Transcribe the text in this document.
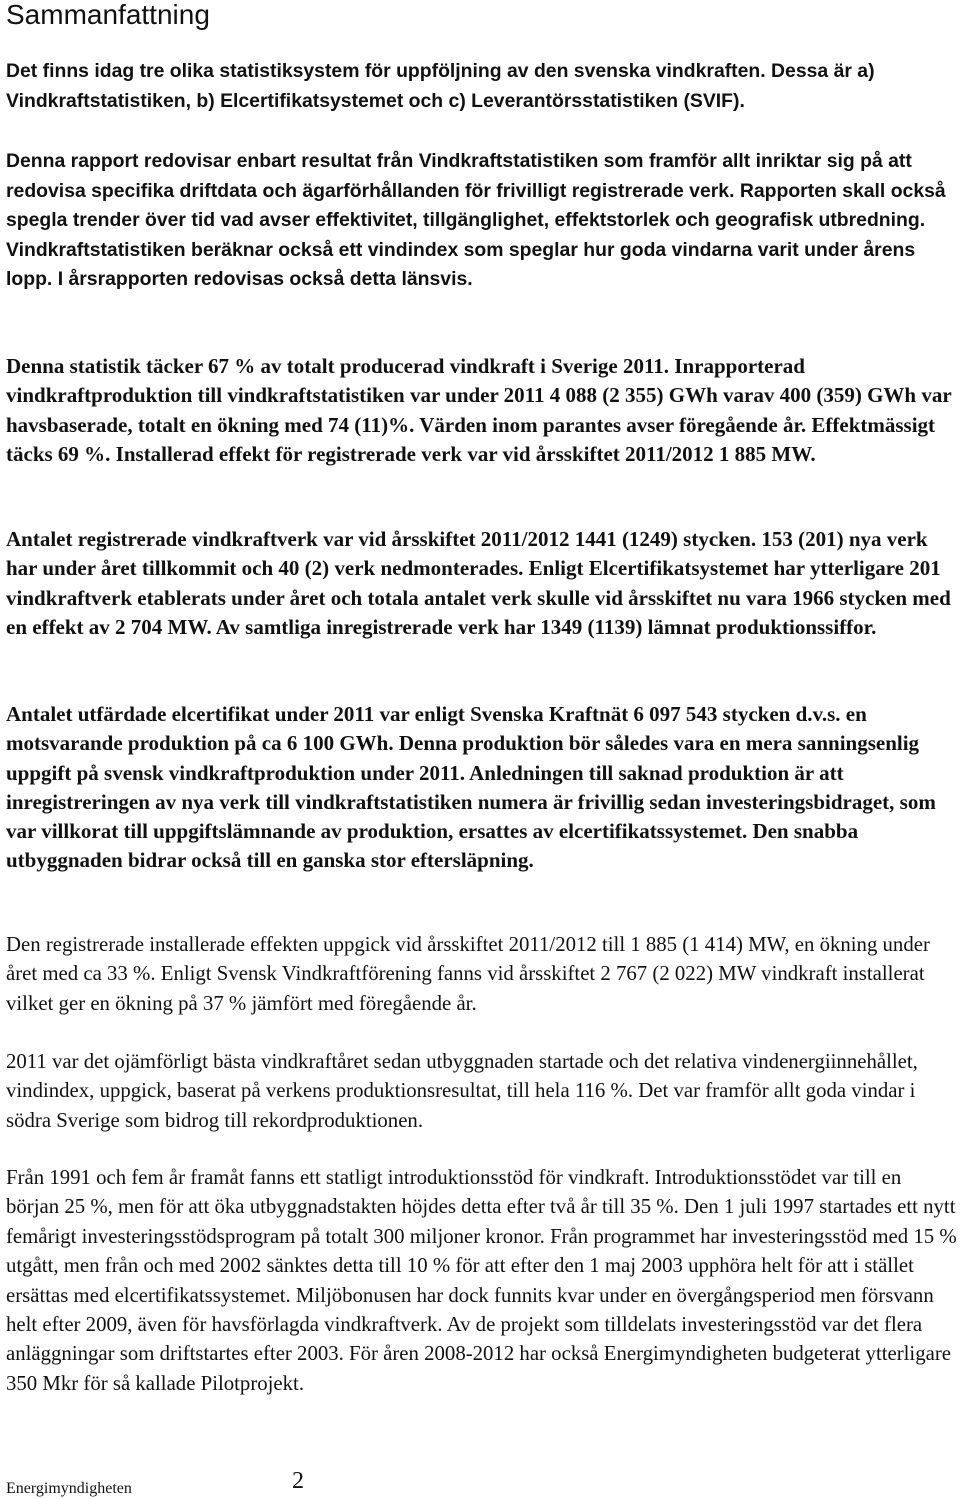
Sammanfattning

Det finns idag tre olika statistiksystem för uppföljning av den svenska vindkraften. Dessa är a) Vindkraftstatistiken, b) Elcertifikatsystemet och c) Leverantörsstatistiken (SVIF).

Denna rapport redovisar enbart resultat från Vindkraftstatistiken som framför allt inriktar sig på att redovisa specifika driftdata och ägarförhållanden för frivilligt registrerade verk. Rapporten skall också spegla trender över tid vad avser effektivitet, tillgänglighet, effektstorlek och geografisk utbredning. Vindkraftstatistiken beräknar också ett vindindex som speglar hur goda vindarna varit under årens lopp. I årsrapporten redovisas också detta länsvis.

Denna statistik täcker 67 % av totalt producerad vindkraft i Sverige 2011. Inrapporterad vindkraftproduktion till vindkraftstatistiken var under 2011 4 088 (2 355) GWh varav 400 (359) GWh var havsbaserade, totalt en ökning med 74 (11)%. Värden inom parantes avser föregående år. Effektmässigt täcks 69 %. Installerad effekt för registrerade verk var vid årsskiftet 2011/2012 1 885 MW.

Antalet registrerade vindkraftverk var vid årsskiftet 2011/2012 1441 (1249) stycken. 153 (201) nya verk har under året tillkommit och 40 (2) verk nedmonterades. Enligt Elcertifikatsystemet har ytterligare 201 vindkraftverk etablerats under året och totala antalet verk skulle vid årsskiftet nu vara 1966 stycken med en effekt av 2 704 MW. Av samtliga inregistrerade verk har 1349 (1139) lämnat produktionssiffor.

Antalet utfärdade elcertifikat under 2011 var enligt Svenska Kraftnät 6 097 543 stycken d.v.s. en motsvarande produktion på ca 6 100 GWh. Denna produktion bör således vara en mera sanningsenlig uppgift på svensk vindkraftproduktion under 2011. Anledningen till saknad produktion är att inregistreringen av nya verk till vindkraftstatistiken numera är frivillig sedan investeringsbidraget, som var villkorat till uppgiftslämnande av produktion, ersattes av elcertifikatssystemet. Den snabba utbyggnaden bidrar också till en ganska stor eftersläpning.

Den registrerade installerade effekten uppgick vid årsskiftet 2011/2012 till 1 885 (1 414) MW, en ökning under året med ca 33 %. Enligt Svensk Vindkraftförening fanns vid årsskiftet 2 767 (2 022) MW vindkraft installerat vilket ger en ökning på 37 % jämfört med föregående år.

2011 var det ojämförligt bästa vindkraftåret sedan utbyggnaden startade och det relativa vindenergiinnehållet, vindindex, uppgick, baserat på verkens produktionsresultat, till hela 116 %. Det var framför allt goda vindar i södra Sverige som bidrog till rekordproduktionen.

Från 1991 och fem år framåt fanns ett statligt introduktionsstöd för vindkraft. Introduktionsstödet var till en början 25 %, men för att öka utbyggnadstakten höjdes detta efter två år till 35 %. Den 1 juli 1997 startades ett nytt femårigt investeringsstödsprogram på totalt 300 miljoner kronor. Från programmet har investeringsstöd med 15 % utgått, men från och med 2002 sänktes detta till 10 % för att efter den 1 maj 2003 upphöra helt för att i stället ersättas med elcertifikatssystemet. Miljöbonusen har dock funnits kvar under en övergångsperiod men försvann helt efter 2009, även för havsförlagda vindkraftverk. Av de projekt som tilldelats investeringsstöd var det flera anläggningar som driftstartes efter 2003. För åren 2008-2012 har också Energimyndigheten budgeterat ytterligare 350 Mkr för så kallade Pilotprojekt.

Energimyndigheten	2
